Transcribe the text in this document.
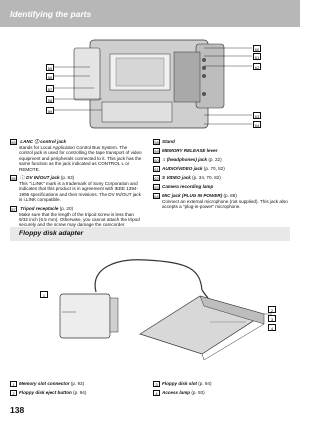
Identifying the parts
55
56
57
58
59
60
61
62
63
64
55 LANC ⓛ control jack
stands for Local Application Control Bus System. The control jack is used for controlling the tape transport of video equipment and peripherals connected to it. This jack has the same function as the jack indicated as CONTROL L or REMOTE.
56 ⓘ DV IN/OUT jack (p. 83)
This "i.LINK" mark is a trademark of Sony Corporation and indicates that this product is in agreement with IEEE 1394-1995 specifications and their revisions. The DV IN/OUT jack is i.LINK compatible.
57 Tripod receptacle (p. 20)
Make sure that the length of the tripod screw is less than 9/32 inch (6.5 mm). Otherwise, you cannot attach the tripod securely and the screw may damage the camcorder.
58 Stand
59 MEMORY RELEASE lever
60 ♫ (headphones) jack (p. 22)
61 AUDIO/VIDEO jack (p. 70, 82)
62 S VIDEO jack (p. 34, 70, 82)
63 Camera recording lamp
64 MIC jack (PLUG IN POWER) (p. 88)
Connect an external microphone (not supplied). This jack also accepts a "plug-in-power" microphone.
Floppy disk adapter
1
2
3
4
1 Memory slot connector (p. 93)
2 Floppy disk eject button (p. 94)
3 Floppy disk slot (p. 94)
4 Access lamp (p. 93)
138
